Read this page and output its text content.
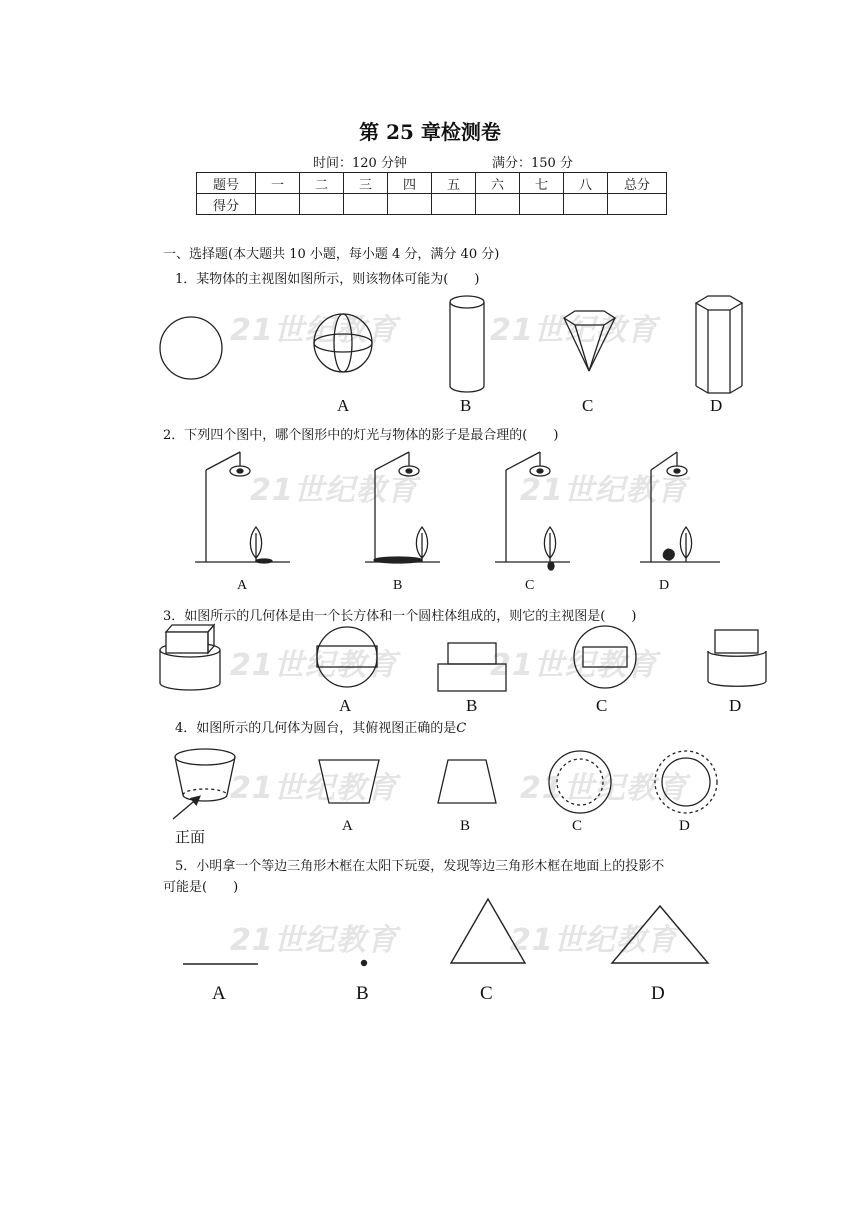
21世纪教育	21世纪教育
21世纪教育	21世纪教育
21世纪教育	21世纪教育
21世纪教育	21世纪教育
21世纪教育	21世纪教育
第 25 章检测卷
时间：120 分钟	满分：150 分
题号	一	二	三	四	五	六	七	八	总分
得分									
一、选择题(本大题共 10 小题，每小题 4 分，满分 40 分)
1．某物体的主视图如图所示，则该物体可能为(　　)
A	B	C	D
2．下列四个图中，哪个图形中的灯光与物体的影子是最合理的(　　)
A	B	C	D
3．如图所示的几何体是由一个长方体和一个圆柱体组成的，则它的主视图是(　　)
A	B	C	D
4．如图所示的几何体为圆台，其俯视图正确的是C
正面
A	B	C	D
5．小明拿一个等边三角形木框在太阳下玩耍，发现等边三角形木框在地面上的投影不
可能是(　　)
A	B	C	D
